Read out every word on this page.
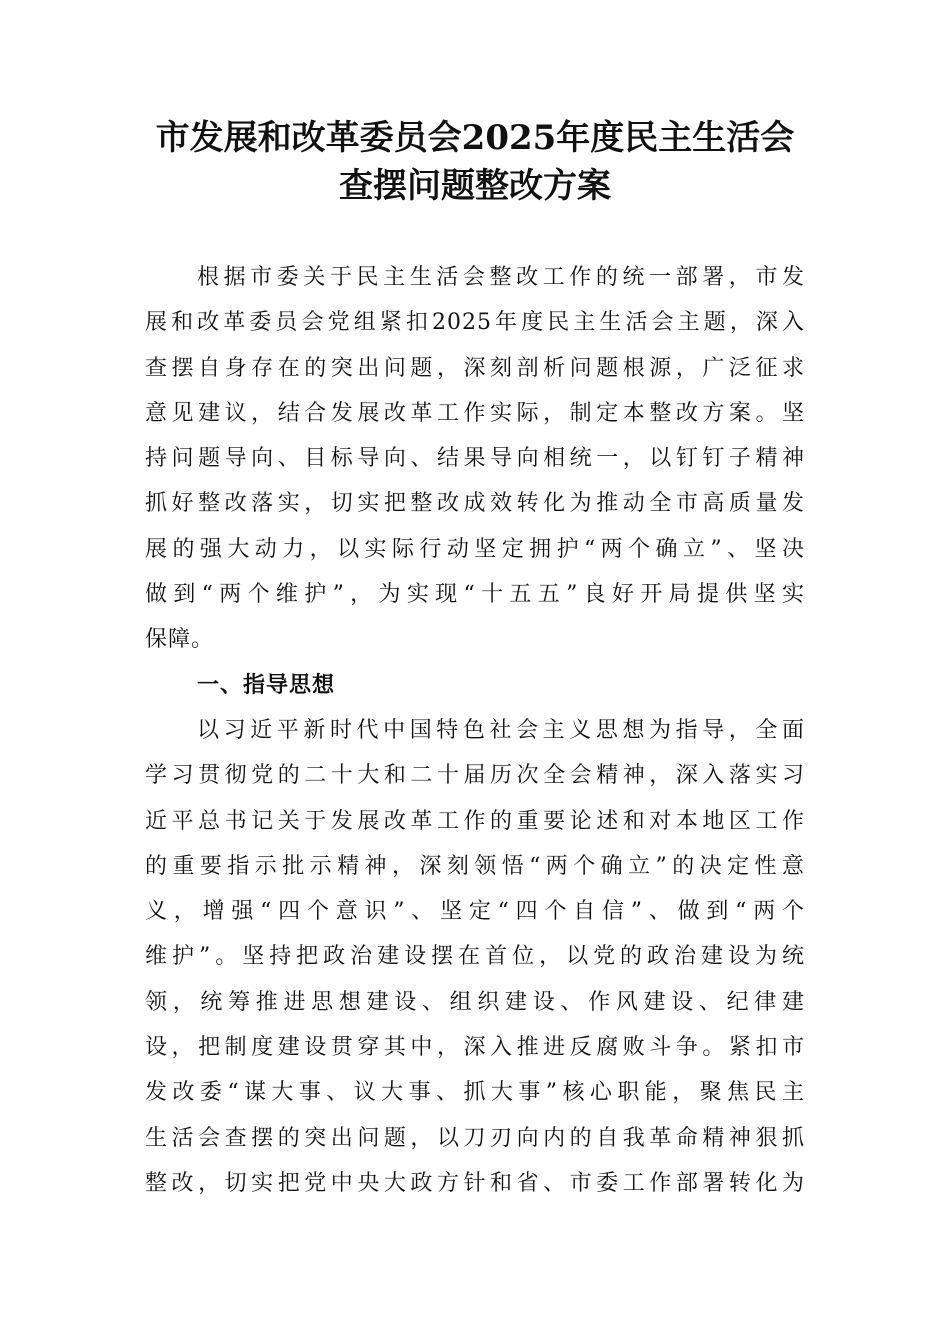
市发展和改革委员会2025年度民主生活会
查摆问题整改方案
根据市委关于民主生活会整改工作的统一部署，市发
展和改革委员会党组紧扣2025年度民主生活会主题，深入
查摆自身存在的突出问题，深刻剖析问题根源，广泛征求
意见建议，结合发展改革工作实际，制定本整改方案。坚
持问题导向、目标导向、结果导向相统一，以钉钉子精神
抓好整改落实，切实把整改成效转化为推动全市高质量发
展的强大动力，以实际行动坚定拥护“两个确立”、坚决
做到“两个维护”，为实现“十五五”良好开局提供坚实
保障。
一、指导思想
以习近平新时代中国特色社会主义思想为指导，全面
学习贯彻党的二十大和二十届历次全会精神，深入落实习
近平总书记关于发展改革工作的重要论述和对本地区工作
的重要指示批示精神，深刻领悟“两个确立”的决定性意
义，增强“四个意识”、坚定“四个自信”、做到“两个
维护”。坚持把政治建设摆在首位，以党的政治建设为统
领，统筹推进思想建设、组织建设、作风建设、纪律建
设，把制度建设贯穿其中，深入推进反腐败斗争。紧扣市
发改委“谋大事、议大事、抓大事”核心职能，聚焦民主
生活会查摆的突出问题，以刀刃向内的自我革命精神狠抓
整改，切实把党中央大政方针和省、市委工作部署转化为
